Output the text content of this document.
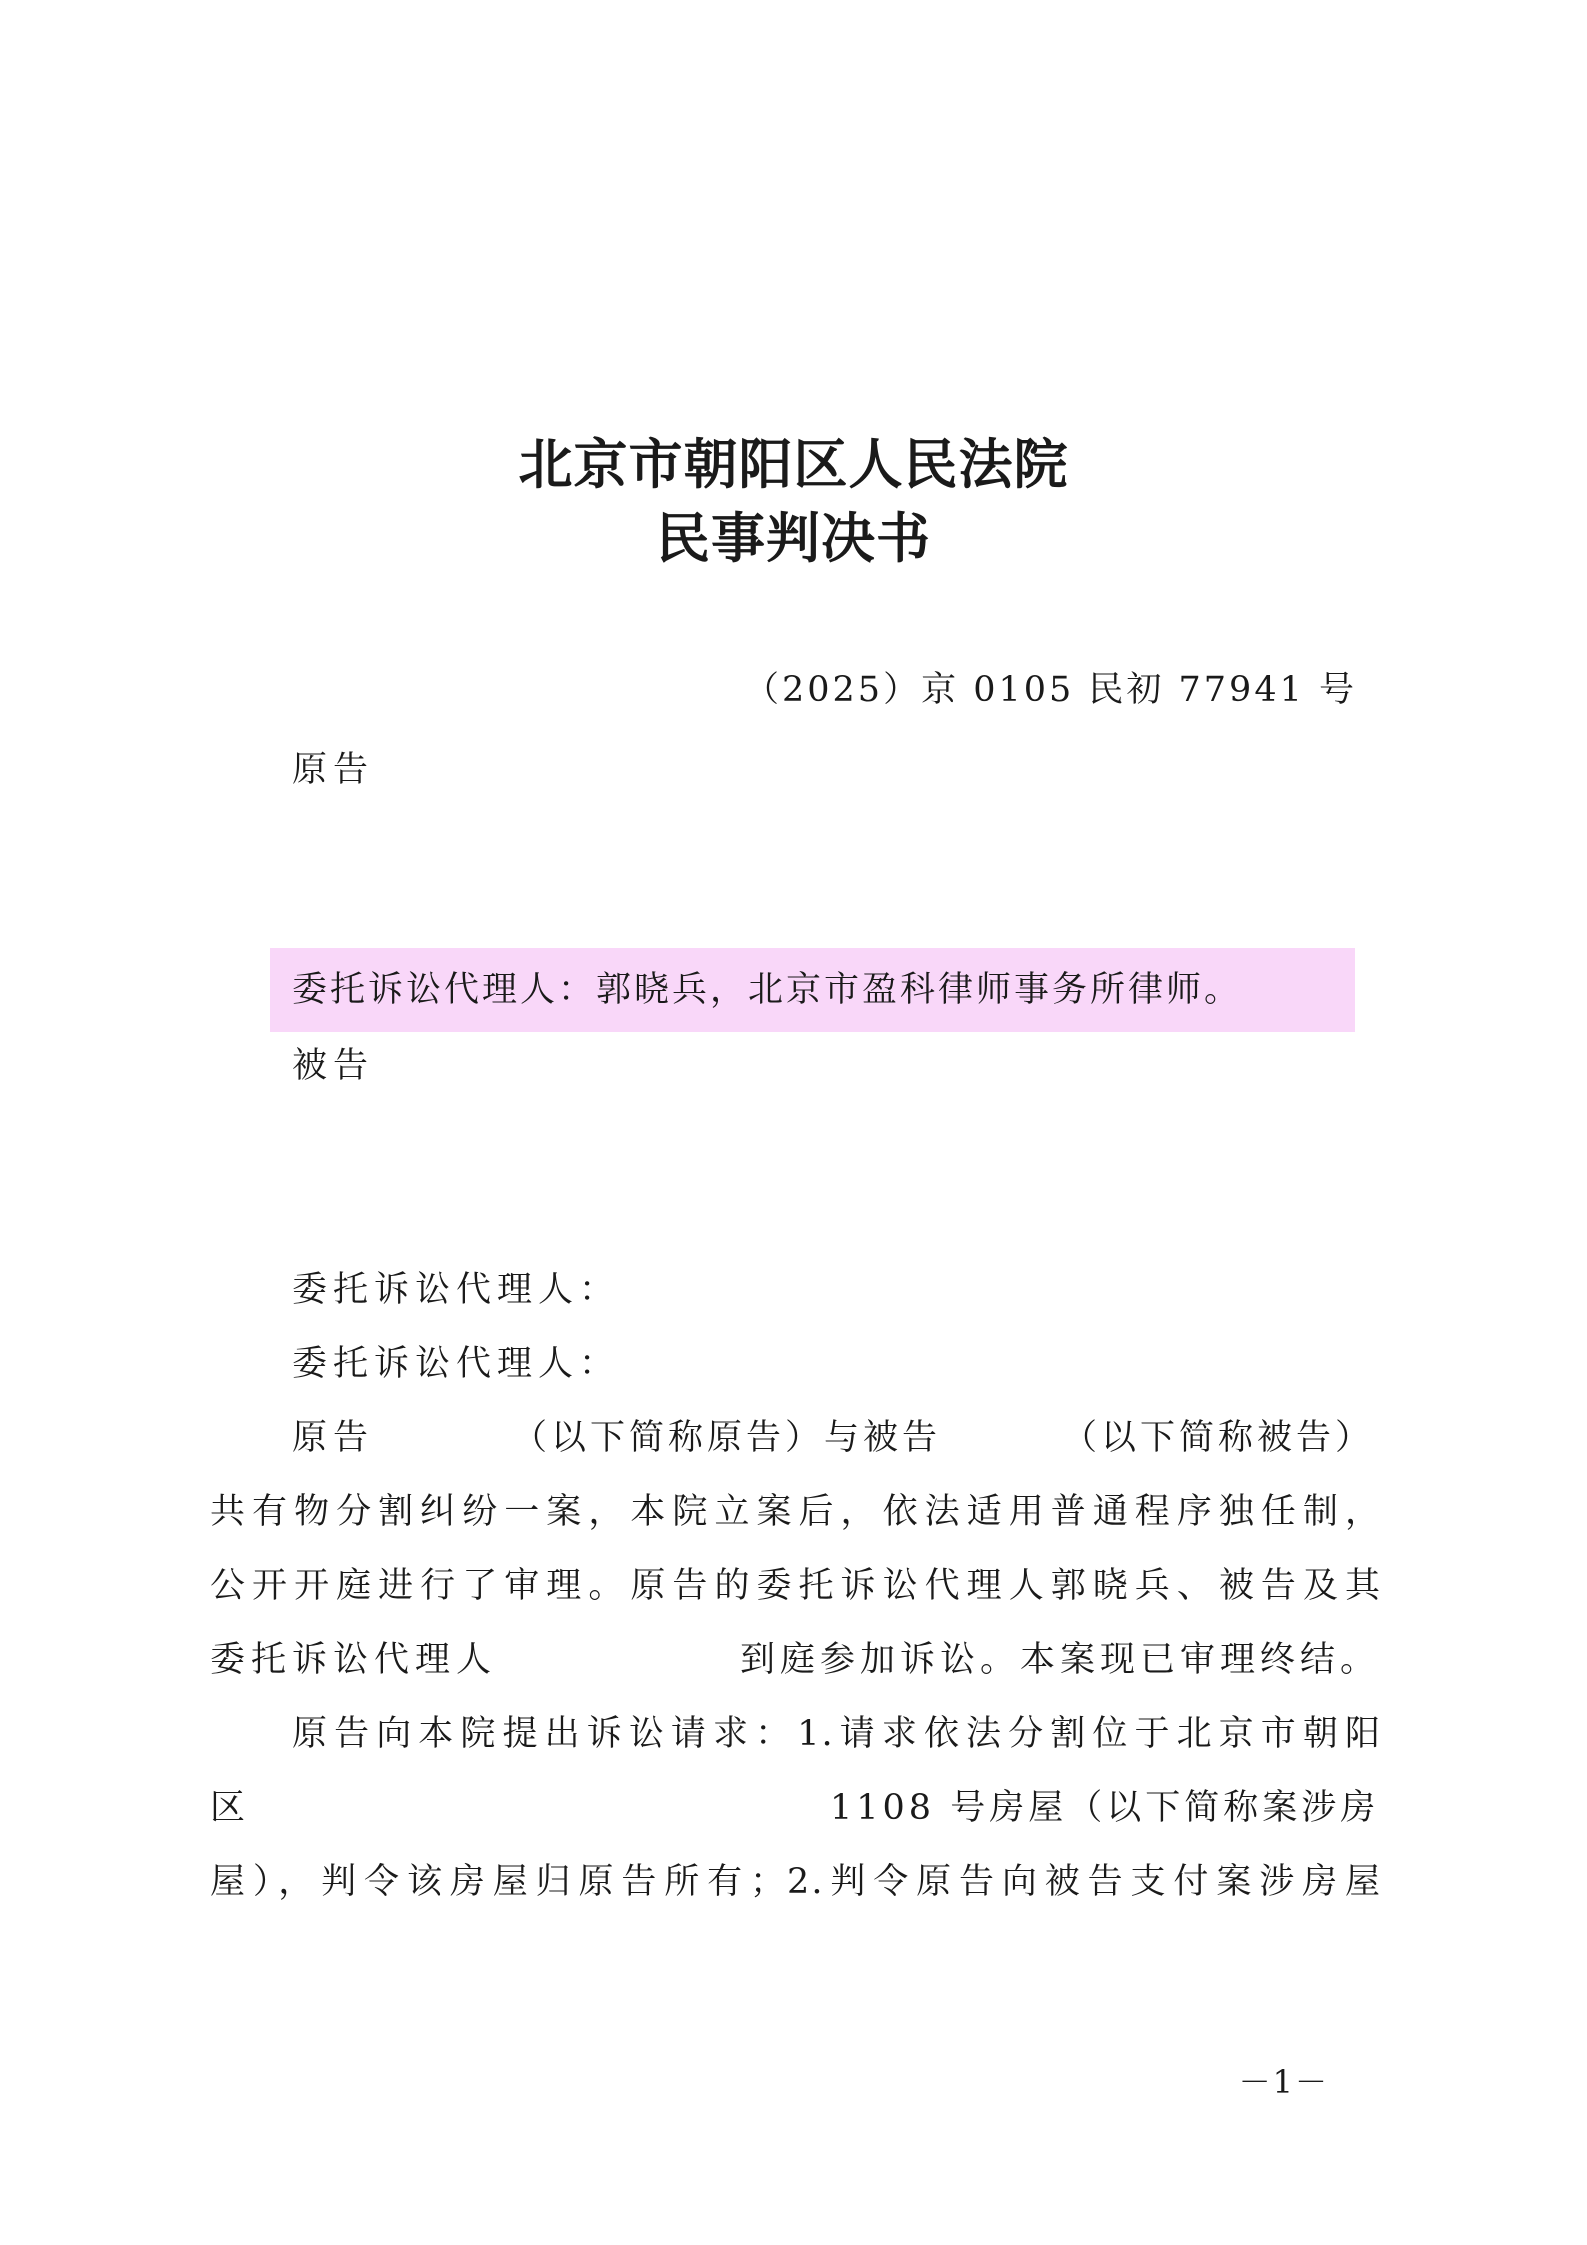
北京市朝阳区人民法院
民事判决书
（2025）京 0105 民初 77941 号
原告
委托诉讼代理人：郭晓兵，北京市盈科律师事务所律师。
被告
委托诉讼代理人：
委托诉讼代理人：
原告	（以下简称原告）与被告	（以下简称被告）
共有物分割纠纷一案，本院立案后，依法适用普通程序独任制，
公开开庭进行了审理。原告的委托诉讼代理人郭晓兵、被告及其
委托诉讼代理人	到庭参加诉讼。本案现已审理终结。
原告向本院提出诉讼请求：1.请求依法分割位于北京市朝阳
区	1108 号房屋（以下简称案涉房
屋），判令该房屋归原告所有；2.判令原告向被告支付案涉房屋
－1－
